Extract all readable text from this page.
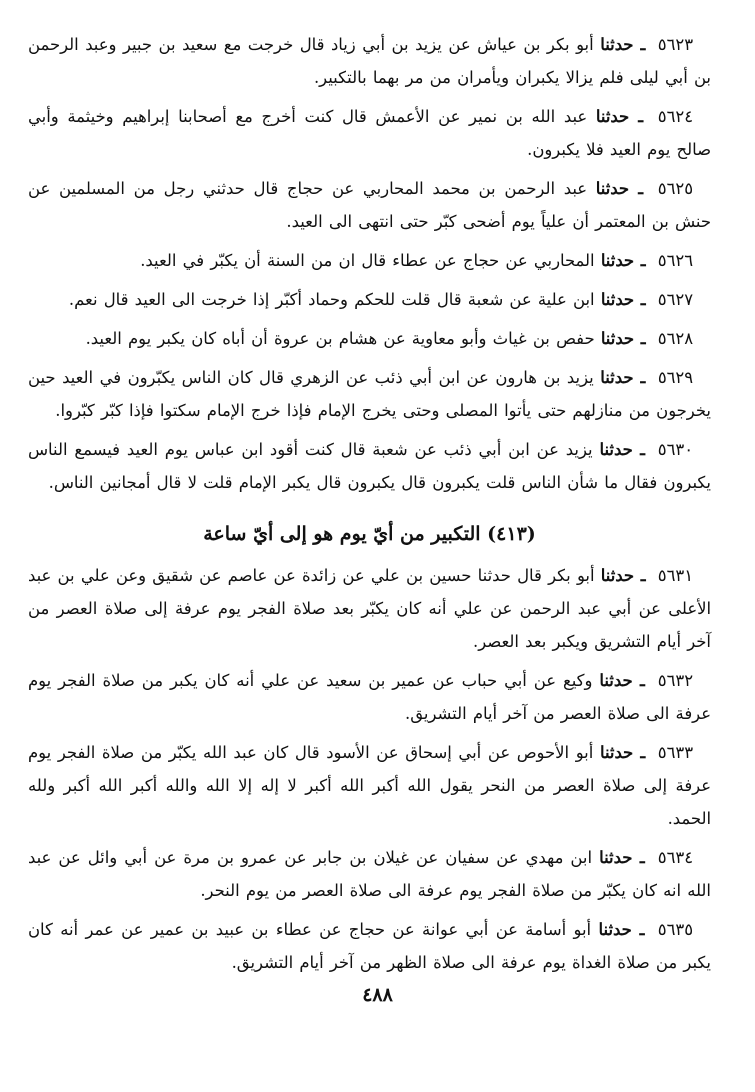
٥٦٢٣ ـ حدثنا أبو بكر بن عياش عن يزيد بن أبي زياد قال خرجت مع سعيد بن جبير وعبد الرحمن بن أبي ليلى فلم يزالا يكبران ويأمران من مر بهما بالتكبير.

٥٦٢٤ ـ حدثنا عبد الله بن نمير عن الأعمش قال كنت أخرج مع أصحابنا إبراهيم وخيثمة وأبي صالح يوم العيد فلا يكبرون.

٥٦٢٥ ـ حدثنا عبد الرحمن بن محمد المحاربي عن حجاج قال حدثني رجل من المسلمين عن حنش بن المعتمر أن علياً يوم أضحى كبّر حتى انتهى الى العيد.

٥٦٢٦ ـ حدثنا المحاربي عن حجاج عن عطاء قال ان من السنة أن يكبّر في العيد.

٥٦٢٧ ـ حدثنا ابن علية عن شعبة قال قلت للحكم وحماد أكبّر إذا خرجت الى العيد قال نعم.

٥٦٢٨ ـ حدثنا حفص بن غياث وأبو معاوية عن هشام بن عروة أن أباه كان يكبر يوم العيد.

٥٦٢٩ ـ حدثنا يزيد بن هارون عن ابن أبي ذئب عن الزهري قال كان الناس يكبّرون في العيد حين يخرجون من منازلهم حتى يأتوا المصلى وحتى يخرج الإمام فإذا خرج الإمام سكتوا فإذا كبّر كبّروا.

٥٦٣٠ ـ حدثنا يزيد عن ابن أبي ذئب عن شعبة قال كنت أقود ابن عباس يوم العيد فيسمع الناس يكبرون فقال ما شأن الناس قلت يكبرون قال يكبرون قال يكبر الإمام قلت لا قال أمجانين الناس.

(٤١٣) التكبير من أيّ يوم هو إلى أيّ ساعة

٥٦٣١ ـ حدثنا أبو بكر قال حدثنا حسين بن علي عن زائدة عن عاصم عن شقيق وعن علي بن عبد الأعلى عن أبي عبد الرحمن عن علي أنه كان يكبّر بعد صلاة الفجر يوم عرفة إلى صلاة العصر من آخر أيام التشريق ويكبر بعد العصر.

٥٦٣٢ ـ حدثنا وكيع عن أبي حباب عن عمير بن سعيد عن علي أنه كان يكبر من صلاة الفجر يوم عرفة الى صلاة العصر من آخر أيام التشريق.

٥٦٣٣ ـ حدثنا أبو الأحوص عن أبي إسحاق عن الأسود قال كان عبد الله يكبّر من صلاة الفجر يوم عرفة إلى صلاة العصر من النحر يقول الله أكبر الله أكبر لا إله إلا الله والله أكبر الله أكبر ولله الحمد.

٥٦٣٤ ـ حدثنا ابن مهدي عن سفيان عن غيلان بن جابر عن عمرو بن مرة عن أبي وائل عن عبد الله انه كان يكبّر من صلاة الفجر يوم عرفة الى صلاة العصر من يوم النحر.

٥٦٣٥ ـ حدثنا أبو أسامة عن أبي عوانة عن حجاج عن عطاء بن عبيد بن عمير عن عمر أنه كان يكبر من صلاة الغداة يوم عرفة الى صلاة الظهر من آخر أيام التشريق.

٤٨٨
